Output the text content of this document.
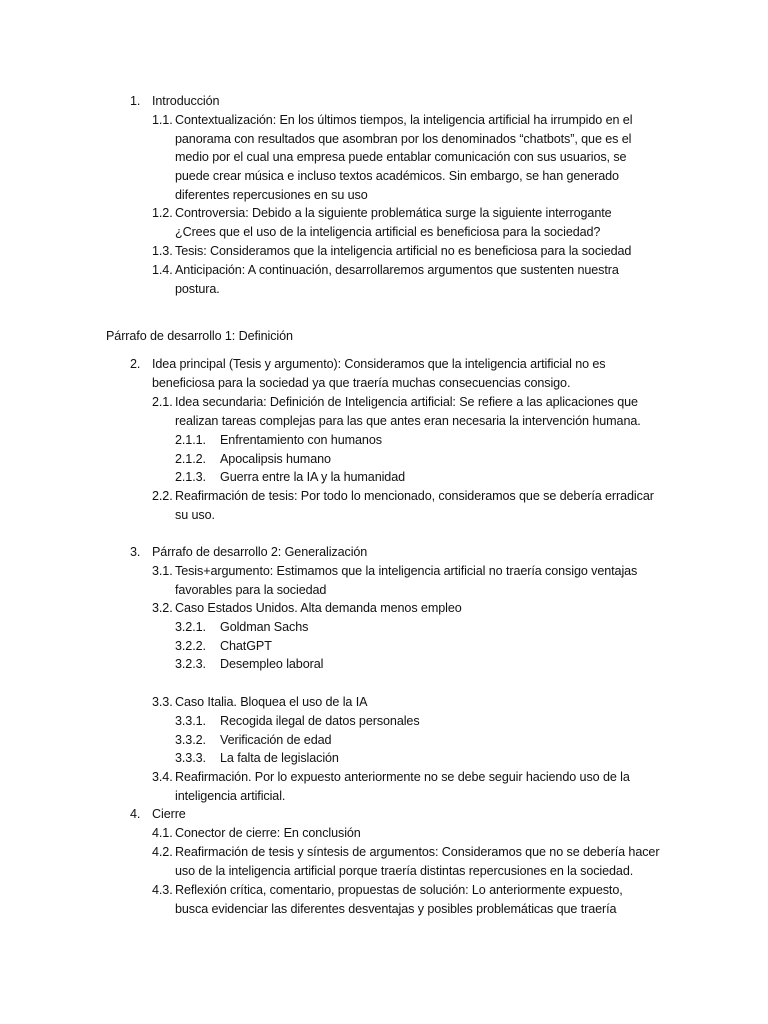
1. Introducción
1.1. Contextualización: En los últimos tiempos, la inteligencia artificial ha irrumpido en el
panorama con resultados que asombran por los denominados “chatbots”, que es el
medio por el cual una empresa puede entablar comunicación con sus usuarios, se
puede crear música e incluso textos académicos. Sin embargo, se han generado
diferentes repercusiones en su uso
1.2. Controversia: Debido a la siguiente problemática surge la siguiente interrogante
¿Crees que el uso de la inteligencia artificial es beneficiosa para la sociedad?
1.3. Tesis: Consideramos que la inteligencia artificial no es beneficiosa para la sociedad
1.4. Anticipación: A continuación, desarrollaremos argumentos que sustenten nuestra
postura.
Párrafo de desarrollo 1: Definición
2. Idea principal (Tesis y argumento): Consideramos que la inteligencia artificial no es
beneficiosa para la sociedad ya que traería muchas consecuencias consigo.
2.1. Idea secundaria: Definición de Inteligencia artificial: Se refiere a las aplicaciones que
realizan tareas complejas para las que antes eran necesaria la intervención humana.
2.1.1. Enfrentamiento con humanos
2.1.2. Apocalipsis humano
2.1.3. Guerra entre la IA y la humanidad
2.2. Reafirmación de tesis: Por todo lo mencionado, consideramos que se debería erradicar
su uso.
3. Párrafo de desarrollo 2: Generalización
3.1. Tesis+argumento: Estimamos que la inteligencia artificial no traería consigo ventajas
favorables para la sociedad
3.2. Caso Estados Unidos. Alta demanda menos empleo
3.2.1. Goldman Sachs
3.2.2. ChatGPT
3.2.3. Desempleo laboral
3.3. Caso Italia. Bloquea el uso de la IA
3.3.1. Recogida ilegal de datos personales
3.3.2. Verificación de edad
3.3.3. La falta de legislación
3.4. Reafirmación. Por lo expuesto anteriormente no se debe seguir haciendo uso de la
inteligencia artificial.
4. Cierre
4.1. Conector de cierre: En conclusión
4.2. Reafirmación de tesis y síntesis de argumentos: Consideramos que no se debería hacer
uso de la inteligencia artificial porque traería distintas repercusiones en la sociedad.
4.3. Reflexión crítica, comentario, propuestas de solución: Lo anteriormente expuesto,
busca evidenciar las diferentes desventajas y posibles problemáticas que traería
